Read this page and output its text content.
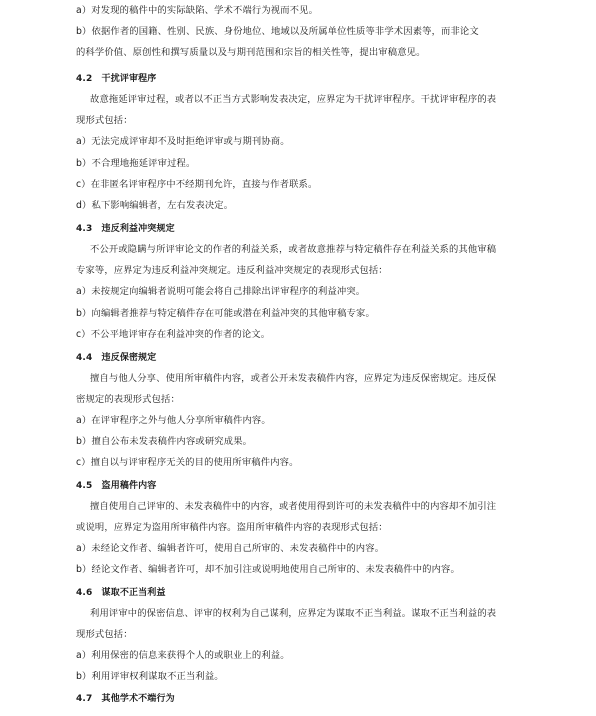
a）对发现的稿件中的实际缺陷、学术不端行为视而不见。
b）依据作者的国籍、性别、民族、身份地位、地域以及所属单位性质等非学术因素等，而非论文
的科学价值、原创性和撰写质量以及与期刊范围和宗旨的相关性等，提出审稿意见。
4.2　干扰评审程序
故意拖延评审过程，或者以不正当方式影响发表决定，应界定为干扰评审程序。干扰评审程序的表
现形式包括：
a）无法完成评审却不及时拒绝评审或与期刊协商。
b）不合理地拖延评审过程。
c）在非匿名评审程序中不经期刊允许，直接与作者联系。
d）私下影响编辑者，左右发表决定。
4.3　违反利益冲突规定
不公开或隐瞒与所评审论文的作者的利益关系，或者故意推荐与特定稿件存在利益关系的其他审稿
专家等，应界定为违反利益冲突规定。违反利益冲突规定的表现形式包括：
a）未按规定向编辑者说明可能会将自己排除出评审程序的利益冲突。
b）向编辑者推荐与特定稿件存在可能或潜在利益冲突的其他审稿专家。
c）不公平地评审存在利益冲突的作者的论文。
4.4　违反保密规定
擅自与他人分享、使用所审稿件内容，或者公开未发表稿件内容，应界定为违反保密规定。违反保
密规定的表现形式包括：
a）在评审程序之外与他人分享所审稿件内容。
b）擅自公布未发表稿件内容或研究成果。
c）擅自以与评审程序无关的目的使用所审稿件内容。
4.5　盗用稿件内容
擅自使用自己评审的、未发表稿件中的内容，或者使用得到许可的未发表稿件中的内容却不加引注
或说明，应界定为盗用所审稿件内容。盗用所审稿件内容的表现形式包括：
a）未经论文作者、编辑者许可，使用自己所审的、未发表稿件中的内容。
b）经论文作者、编辑者许可，却不加引注或说明地使用自己所审的、未发表稿件中的内容。
4.6　谋取不正当利益
利用评审中的保密信息、评审的权利为自己谋利，应界定为谋取不正当利益。谋取不正当利益的表
现形式包括：
a）利用保密的信息来获得个人的或职业上的利益。
b）利用评审权利谋取不正当利益。
4.7　其他学术不端行为
